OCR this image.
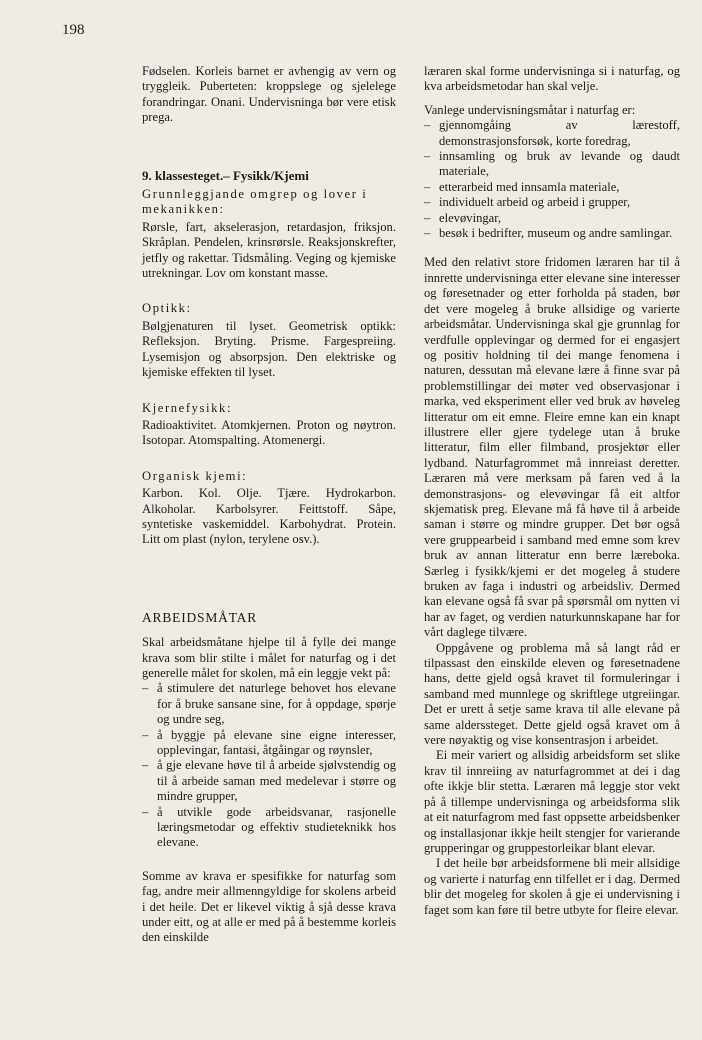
198

Fødselen. Korleis barnet er avhengig av vern og tryggleik. Puberteten: kroppslege og sjelelege forandringar. Onani. Undervisninga bør vere etisk prega.

9. klassesteget.– Fysikk/Kjemi
Grunnleggjande omgrep og lover i mekanikken:

Rørsle, fart, akselerasjon, retardasjon, friksjon. Skråplan. Pendelen, krinsrørsle. Reaksjonskrefter, jetfly og rakettar. Tidsmåling. Veging og kjemiske utrekningar. Lov om konstant masse.

Optikk:

Bølgjenaturen til lyset. Geometrisk optikk: Refleksjon. Bryting. Prisme. Fargespreiing. Lysemisjon og absorpsjon. Den elektriske og kjemiske effekten til lyset.

Kjernefysikk:

Radioaktivitet. Atomkjernen. Proton og nøytron. Isotopar. Atomspalting. Atomenergi.

Organisk kjemi:

Karbon. Kol. Olje. Tjære. Hydrokarbon. Alkoholar. Karbolsyrer. Feittstoff. Såpe, syntetiske vaskemiddel. Karbohydrat. Protein. Litt om plast (nylon, terylene osv.).

ARBEIDSMÅTAR

Skal arbeidsmåtane hjelpe til å fylle dei mange krava som blir stilte i målet for naturfag og i det generelle målet for skolen, må ein leggje vekt på:

– å stimulere det naturlege behovet hos elevane for å bruke sansane sine, for å oppdage, spørje og undre seg,
– å byggje på elevane sine eigne interesser, opplevingar, fantasi, åtgåingar og røynsler,
– å gje elevane høve til å arbeide sjølvstendig og til å arbeide saman med medelevar i større og mindre grupper,
– å utvikle gode arbeidsvanar, rasjonelle læringsmetodar og effektiv studieteknikk hos elevane.

Somme av krava er spesifikke for naturfag som fag, andre meir allmenngyldige for skolens arbeid i det heile. Det er likevel viktig å sjå desse krava under eitt, og at alle er med på å bestemme korleis den einskilde

læraren skal forme undervisninga si i naturfag, og kva arbeidsmetodar han skal velje.

Vanlege undervisningsmåtar i naturfag er:

– gjennomgåing av lærestoff, demonstrasjonsforsøk, korte foredrag,
– innsamling og bruk av levande og daudt materiale,
– etterarbeid med innsamla materiale,
– individuelt arbeid og arbeid i grupper,
– elevøvingar,
– besøk i bedrifter, museum og andre samlingar.

Med den relativt store fridomen læraren har til å innrette undervisninga etter elevane sine interesser og føresetnader og etter forholda på staden, bør det vere mogeleg å bruke allsidige og varierte arbeidsmåtar. Undervisninga skal gje grunnlag for verdfulle opplevingar og dermed for ei engasjert og positiv holdning til dei mange fenomena i naturen, dessutan må elevane lære å finne svar på problemstillingar dei møter ved observasjonar i marka, ved eksperiment eller ved bruk av høveleg litteratur om eit emne. Fleire emne kan ein knapt illustrere eller gjere tydelege utan å bruke litteratur, film eller filmband, prosjektør eller lydband. Naturfagrommet må innreiast deretter. Læraren må vere merksam på faren ved å la demonstrasjons- og elevøvingar få eit altfor skjematisk preg. Elevane må få høve til å arbeide saman i større og mindre grupper. Det bør også vere gruppearbeid i samband med emne som krev bruk av annan litteratur enn berre læreboka. Særleg i fysikk/kjemi er det mogeleg å studere bruken av faga i industri og arbeidsliv. Dermed kan elevane også få svar på spørsmål om nytten vi har av faget, og verdien naturkunnskapane har for vårt daglege tilvære.

Oppgåvene og problema må så langt råd er tilpassast den einskilde eleven og føresetnadene hans, dette gjeld også kravet til formuleringar i samband med munnlege og skriftlege utgreiingar. Det er urett å setje same krava til alle elevane på same alderssteget. Dette gjeld også kravet om å vere nøyaktig og vise konsentrasjon i arbeidet.

Ei meir variert og allsidig arbeidsform set slike krav til innreiing av naturfagrommet at dei i dag ofte ikkje blir stetta. Læraren må leggje stor vekt på å tillempe undervisninga og arbeidsforma slik at eit naturfagrom med fast oppsette arbeidsbenker og installasjonar ikkje heilt stengjer for varierande grupperingar og gruppestorleikar blant elevar.

I det heile bør arbeidsformene bli meir allsidige og varierte i naturfag enn tilfellet er i dag. Dermed blir det mogeleg for skolen å gje ei undervisning i faget som kan føre til betre utbyte for fleire elevar.
